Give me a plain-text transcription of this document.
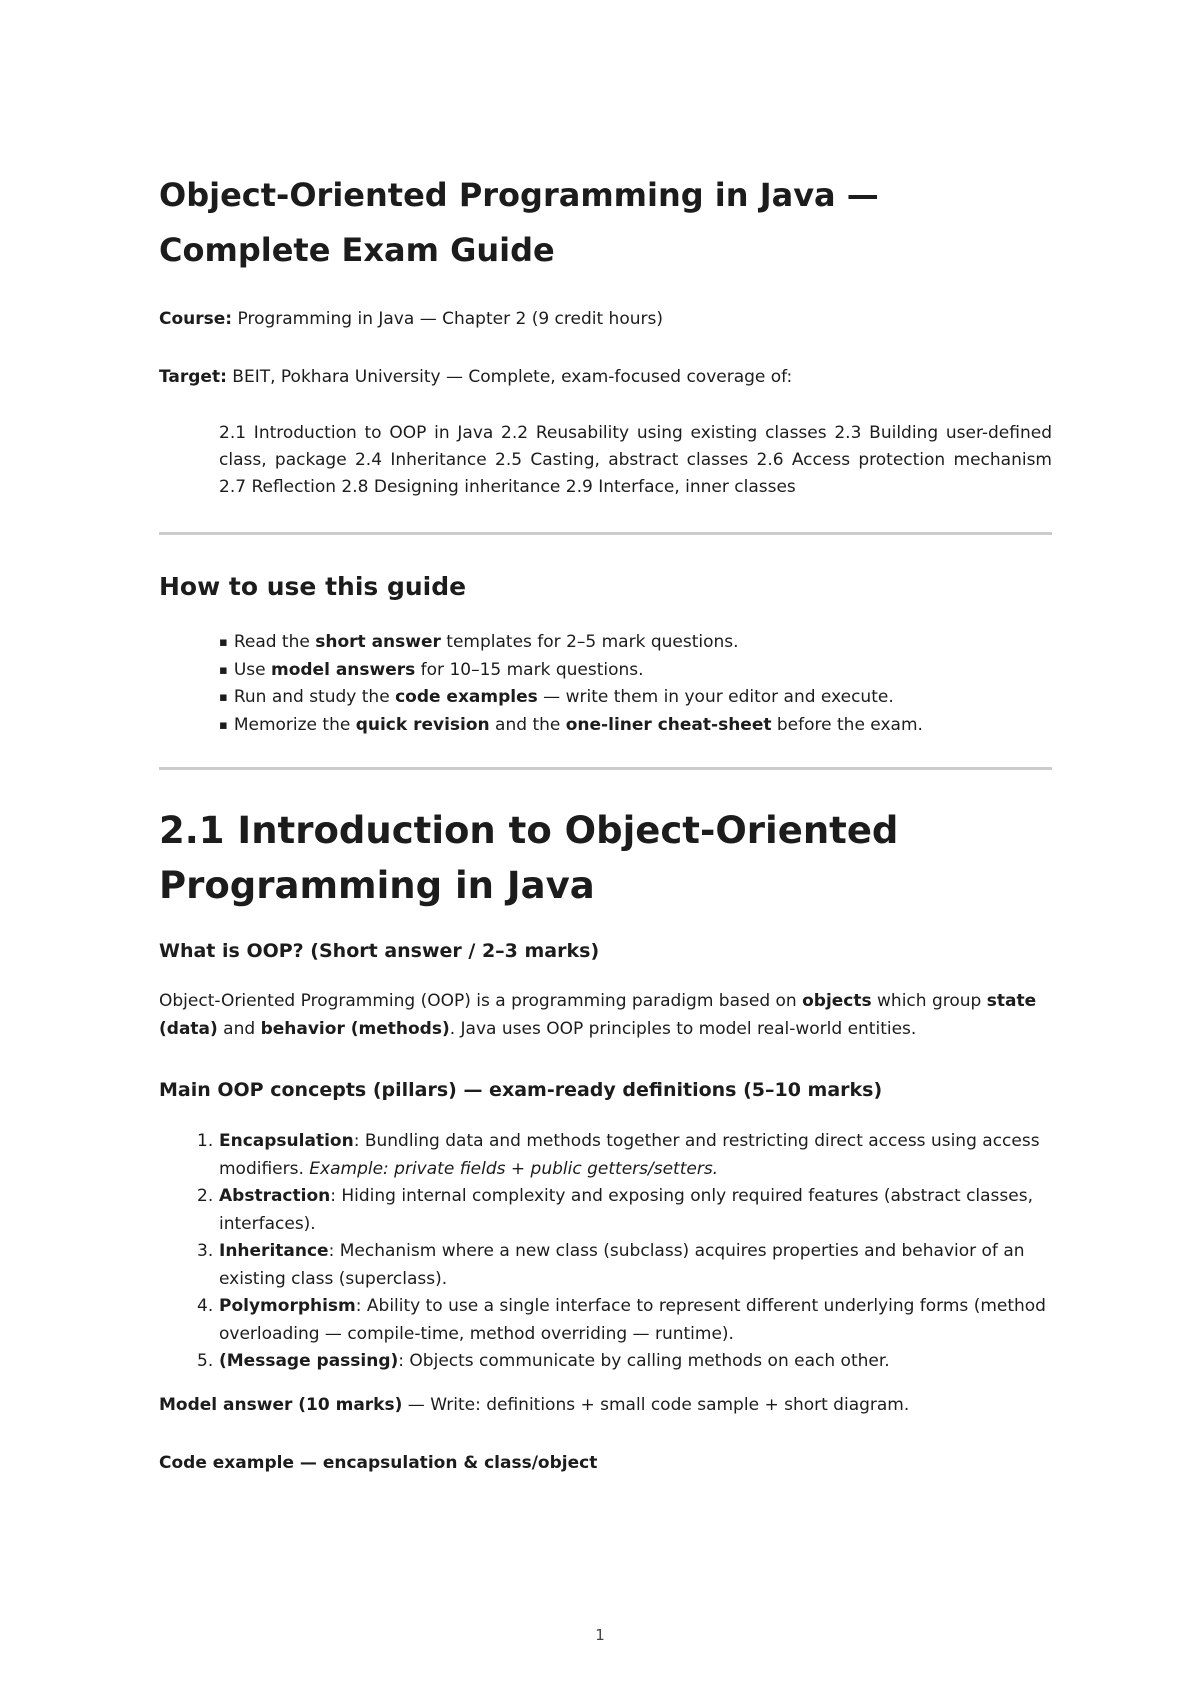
Object-Oriented Programming in Java — Complete Exam Guide

Course: Programming in Java — Chapter 2 (9 credit hours)

Target: BEIT, Pokhara University — Complete, exam-focused coverage of:

2.1 Introduction to OOP in Java 2.2 Reusability using existing classes 2.3 Building user-defined class, package 2.4 Inheritance 2.5 Casting, abstract classes 2.6 Access protection mechanism 2.7 Reflection 2.8 Designing inheritance 2.9 Interface, inner classes

How to use this guide
▪ Read the short answer templates for 2–5 mark questions.
▪ Use model answers for 10–15 mark questions.
▪ Run and study the code examples — write them in your editor and execute.
▪ Memorize the quick revision and the one-liner cheat-sheet before the exam.
2.1 Introduction to Object-Oriented Programming in Java
What is OOP? (Short answer / 2–3 marks)

Object-Oriented Programming (OOP) is a programming paradigm based on objects which group state (data) and behavior (methods). Java uses OOP principles to model real-world entities.

Main OOP concepts (pillars) — exam-ready definitions (5–10 marks)
1. Encapsulation: Bundling data and methods together and restricting direct access using access modifiers. Example: private fields + public getters/setters.
2. Abstraction: Hiding internal complexity and exposing only required features (abstract classes, interfaces).
3. Inheritance: Mechanism where a new class (subclass) acquires properties and behavior of an existing class (superclass).
4. Polymorphism: Ability to use a single interface to represent different underlying forms (method overloading — compile-time, method overriding — runtime).
5. (Message passing): Objects communicate by calling methods on each other.

Model answer (10 marks) — Write: definitions + small code sample + short diagram.

Code example — encapsulation & class/object

1
